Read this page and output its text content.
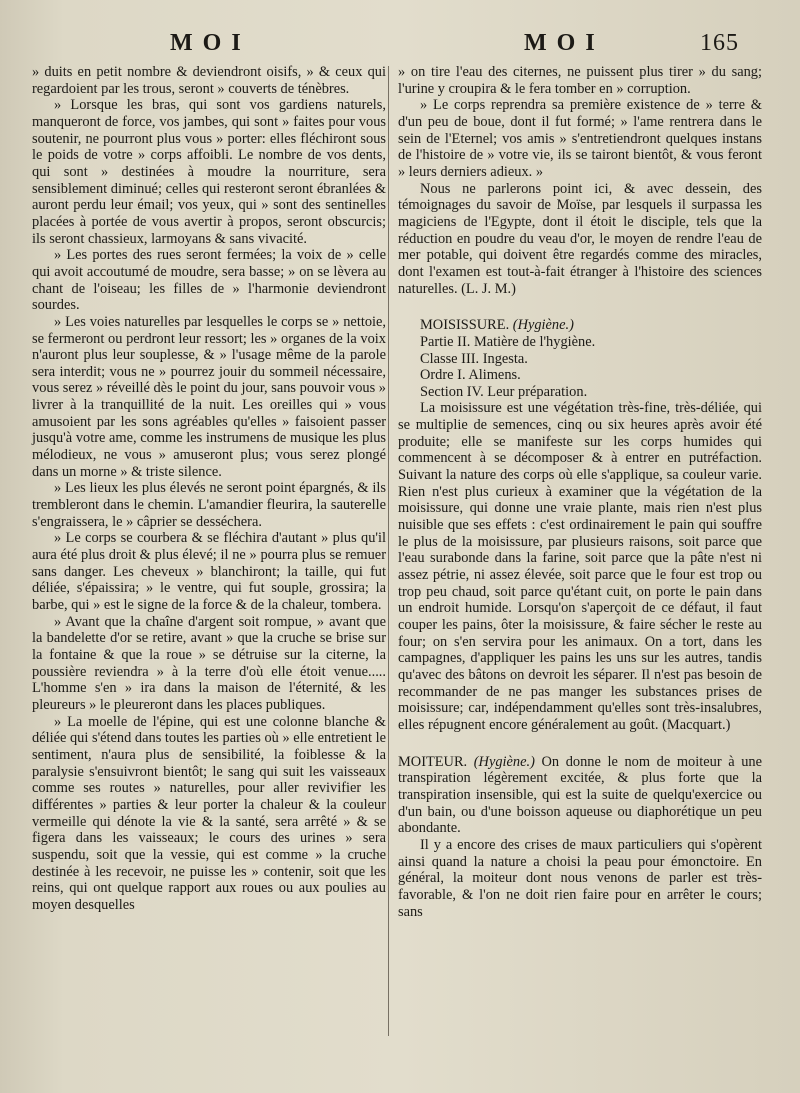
MOI	MOI	165

» duits en petit nombre & deviendront oisifs, » & ceux qui regardoient par les trous, seront » couverts de ténèbres.

» Lorsque les bras, qui sont vos gardiens naturels, manqueront de force, vos jambes, qui sont » faites pour vous soutenir, ne pourront plus vous » porter: elles fléchiront sous le poids de votre » corps affoibli. Le nombre de vos dents, qui sont » destinées à moudre la nourriture, sera sensiblement diminué; celles qui resteront seront ébranlées & auront perdu leur émail; vos yeux, qui » sont des sentinelles placées à portée de vous avertir à propos, seront obscurcis; ils seront chassieux, larmoyans & sans vivacité.

» Les portes des rues seront fermées; la voix de » celle qui avoit accoutumé de moudre, sera basse; » on se lèvera au chant de l'oiseau; les filles de » l'harmonie deviendront sourdes.

» Les voies naturelles par lesquelles le corps se » nettoie, se fermeront ou perdront leur ressort; les » organes de la voix n'auront plus leur souplesse, & » l'usage même de la parole sera interdit; vous ne » pourrez jouir du sommeil nécessaire, vous serez » réveillé dès le point du jour, sans pouvoir vous » livrer à la tranquillité de la nuit. Les oreilles qui » vous amusoient par les sons agréables qu'elles » faisoient passer jusqu'à votre ame, comme les instrumens de musique les plus mélodieux, ne vous » amuseront plus; vous serez plongé dans un morne » & triste silence.

» Les lieux les plus élevés ne seront point épargnés, & ils trembleront dans le chemin. L'amandier fleurira, la sauterelle s'engraissera, le » câprier se desséchera.

» Le corps se courbera & se fléchira d'autant » plus qu'il aura été plus droit & plus élevé; il ne » pourra plus se remuer sans danger. Les cheveux » blanchiront; la taille, qui fut déliée, s'épaissira; » le ventre, qui fut souple, grossira; la barbe, qui » est le signe de la force & de la chaleur, tombera.

» Avant que la chaîne d'argent soit rompue, » avant que la bandelette d'or se retire, avant » que la cruche se brise sur la fontaine & que la roue » se détruise sur la citerne, la poussière reviendra » à la terre d'où elle étoit venue..... L'homme s'en » ira dans la maison de l'éternité, & les pleureurs » le pleureront dans les places publiques.

» La moelle de l'épine, qui est une colonne blanche & déliée qui s'étend dans toutes les parties où » elle entretient le sentiment, n'aura plus de sensibilité, la foiblesse & la paralysie s'ensuivront bientôt; le sang qui suit les vaisseaux comme ses routes » naturelles, pour aller revivifier les différentes » parties & leur porter la chaleur & la couleur vermeille qui dénote la vie & la santé, sera arrêté » & se figera dans les vaisseaux; le cours des urines » sera suspendu, soit que la vessie, qui est comme » la cruche destinée à les recevoir, ne puisse les » contenir, soit que les reins, qui ont quelque rapport aux roues ou aux poulies au moyen desquelles

» on tire l'eau des citernes, ne puissent plus tirer » du sang; l'urine y croupira & le fera tomber en » corruption.

» Le corps reprendra sa première existence de » terre & d'un peu de boue, dont il fut formé; » l'ame rentrera dans le sein de l'Eternel; vos amis » s'entretiendront quelques instans de l'histoire de » votre vie, ils se tairont bientôt, & vous feront » leurs derniers adieux. »

Nous ne parlerons point ici, & avec dessein, des témoignages du savoir de Moïse, par lesquels il surpassa les magiciens de l'Egypte, dont il étoit le disciple, tels que la réduction en poudre du veau d'or, le moyen de rendre l'eau de mer potable, qui doivent être regardés comme des miracles, dont l'examen est tout-à-fait étranger à l'histoire des sciences naturelles. (L. J. M.)

MOISISSURE. (Hygiène.)

Partie II. Matière de l'hygiène.

Classe III. Ingesta.

Ordre I. Alimens.

Section IV. Leur préparation.

La moisissure est une végétation très-fine, très-déliée, qui se multiplie de semences, cinq ou six heures après avoir été produite; elle se manifeste sur les corps humides qui commencent à se décomposer & à entrer en putréfaction. Suivant la nature des corps où elle s'applique, sa couleur varie. Rien n'est plus curieux à examiner que la végétation de la moisissure, qui donne une vraie plante, mais rien n'est plus nuisible que ses effets : c'est ordinairement le pain qui souffre le plus de la moisissure, par plusieurs raisons, soit parce que l'eau surabonde dans la farine, soit parce que la pâte n'est ni assez pétrie, ni assez élevée, soit parce que le four est trop ou trop peu chaud, soit parce qu'étant cuit, on porte le pain dans un endroit humide. Lorsqu'on s'aperçoit de ce défaut, il faut couper les pains, ôter la moisissure, & faire sécher le reste au four; on s'en servira pour les animaux. On a tort, dans les campagnes, d'appliquer les pains les uns sur les autres, tandis qu'avec des bâtons on devroit les séparer. Il n'est pas besoin de recommander de ne pas manger les substances prises de moisissure; car, indépendamment qu'elles sont très-insalubres, elles répugnent encore généralement au goût. (Macquart.)

MOITEUR. (Hygiène.) On donne le nom de moiteur à une transpiration légèrement excitée, & plus forte que la transpiration insensible, qui est la suite de quelqu'exercice ou d'un bain, ou d'une boisson aqueuse ou diaphorétique un peu abondante.

Il y a encore des crises de maux particuliers qui s'opèrent ainsi quand la nature a choisi la peau pour émonctoire. En général, la moiteur dont nous venons de parler est très-favorable, & l'on ne doit rien faire pour en arrêter le cours; sans
